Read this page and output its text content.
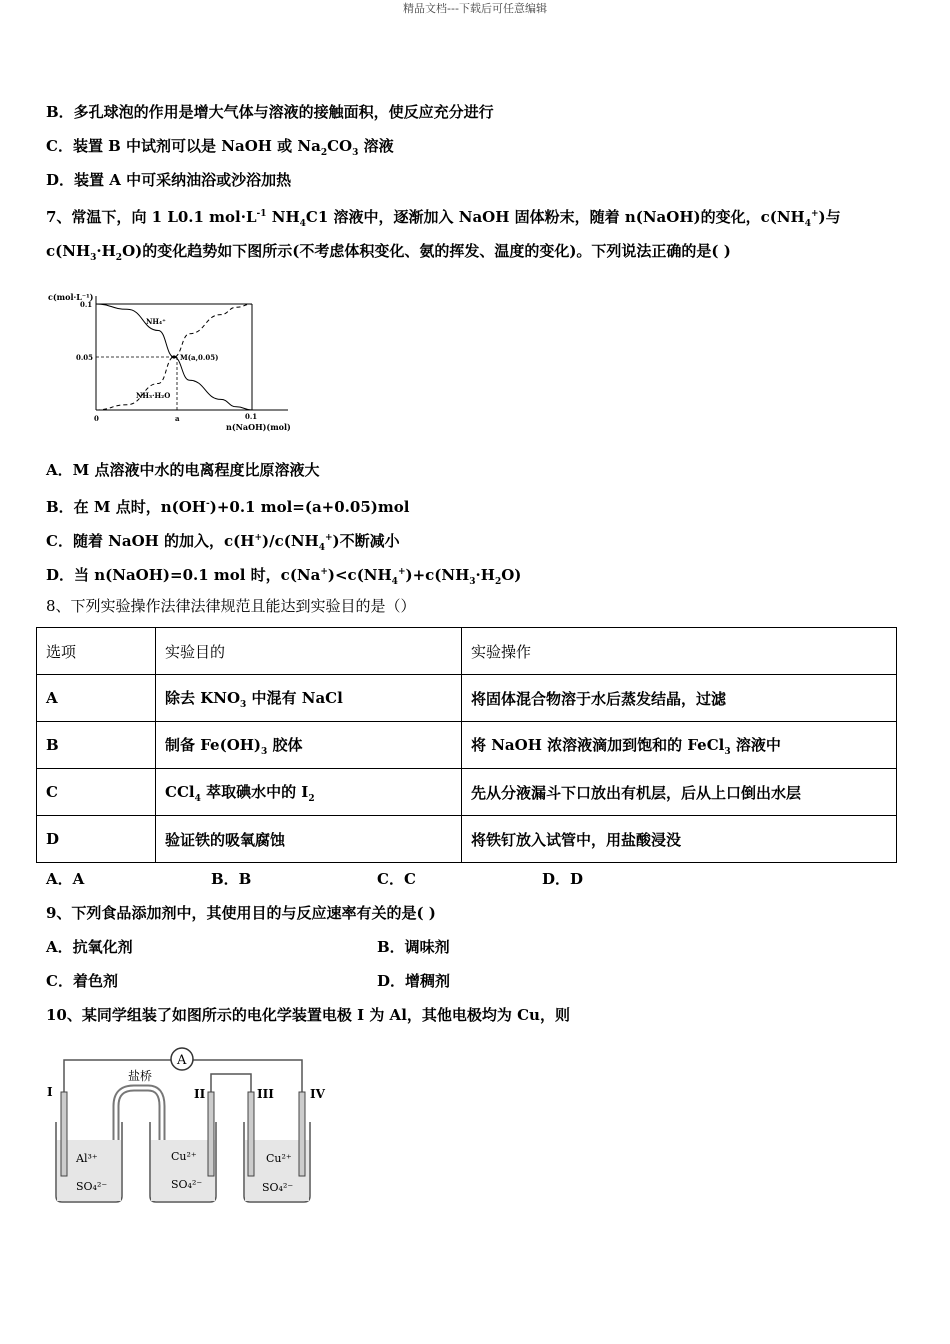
精品文档---下载后可任意编辑
B．多孔球泡的作用是增大气体与溶液的接触面积，使反应充分进行
C．装置 B 中试剂可以是 NaOH 或 $Na_2CO_3$ 溶液
D．装置 A 中可采纳油浴或沙浴加热
7、常温下，向 1 L0.1 $mol\cdot L^{-1}$ $NH_4C1$ 溶液中，逐渐加入 NaOH 固体粉末，随着 n(NaOH)的变化，$c(NH_4^+)$与
$c(NH_3\cdot H_2O)$的变化趋势如下图所示(不考虑体积变化、氨的挥发、温度的变化)。下列说法正确的是( )
c(mol·L⁻¹)
n(NaOH)(mol)
0.1
0.05
0	a	0.1
M(a,0.05)
NH₄⁺
NH₃·H₂O
A．M 点溶液中水的电离程度比原溶液大
B．在 M 点时，n(OH-)+0.1 mol=(a+0.05)mol
C．随着 NaOH 的加入，$c(H^+)/c(NH_4^+)$不断减小
D．当 n(NaOH)=0.1 mol 时，$c(Na^+)<c(NH_4^+)+c(NH_3\cdot H_2O)$
8、下列实验操作法律法律规范且能达到实验目的是（）
选项	实验目的	实验操作
A	除去 $KNO_3$ 中混有 NaCl	将固体混合物溶于水后蒸发结晶，过滤
B	制备 $Fe(OH)_3$ 胶体	将 NaOH 浓溶液滴加到饱和的 FeCl$_3$ 溶液中
C	CCl$_4$ 萃取碘水中的 $I_2$	先从分液漏斗下口放出有机层，后从上口倒出水层
D	验证铁的吸氧腐蚀	将铁钉放入试管中，用盐酸浸没
A．A	B．B	C．C	D．D
9、下列食品添加剂中，其使用目的与反应速率有关的是( )
A．抗氧化剂	B．调味剂
C．着色剂	D．增稠剂
10、某同学组装了如图所示的电化学装置电极 I 为 Al，其他电极均为 Cu，则
A
盐桥
I	II	III	IV
Al³⁺
SO₄²⁻
Cu²⁺
SO₄²⁻
Cu²⁺
SO₄²⁻
